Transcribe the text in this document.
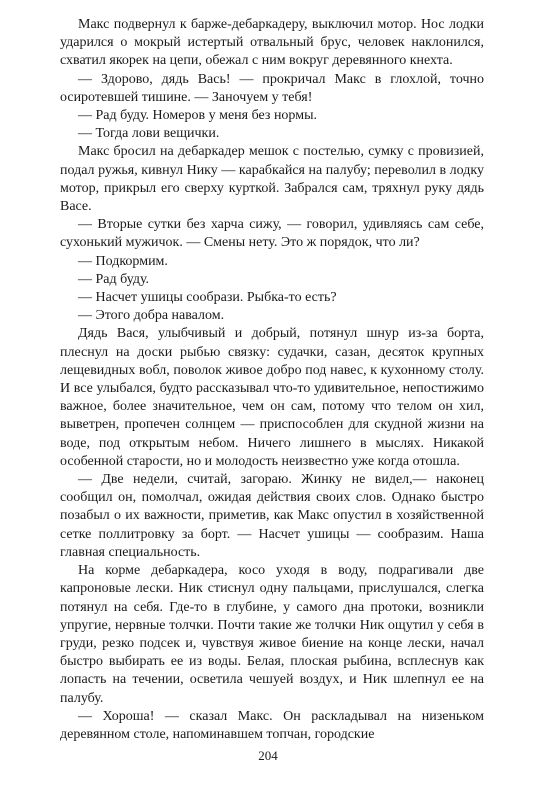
Макс подвернул к барже-дебаркадеру, выключил мотор. Нос лодки ударился о мокрый истертый отвальный брус, человек наклонился, схватил якорек на цепи, обежал с ним вокруг деревянного кнехта.

— Здорово, дядь Вась! — прокричал Макс в глохлой, точно осиротевшей тишине. — Заночуем у тебя!

— Рад буду. Номеров у меня без нормы.

— Тогда лови вещички.

Макс бросил на дебаркадер мешок с постелью, сумку с провизией, подал ружья, кивнул Нику — карабкайся на палубу; переволил в лодку мотор, прикрыл его сверху курткой. Забрался сам, тряхнул руку дядь Васе.

— Вторые сутки без харча сижу, — говорил, удивляясь сам себе, сухонький мужичок. — Смены нету. Это ж порядок, что ли?

— Подкормим.

— Рад буду.

— Насчет ушицы сообрази. Рыбка-то есть?

— Этого добра навалом.

Дядь Вася, улыбчивый и добрый, потянул шнур из-за борта, плеснул на доски рыбью связку: судачки, сазан, десяток крупных лещевидных вобл, поволок живое добро под навес, к кухонному столу. И все улыбался, будто рассказывал что-то удивительное, непостижимо важное, более значительное, чем он сам, потому что телом он хил, выветрен, пропечен солнцем — приспособлен для скудной жизни на воде, под открытым небом. Ничего лишнего в мыслях. Никакой особенной старости, но и молодость неизвестно уже когда отошла.

— Две недели, считай, загораю. Жинку не видел,— наконец сообщил он, помолчал, ожидая действия своих слов. Однако быстро позабыл о их важности, приметив, как Макс опустил в хозяйственной сетке поллитровку за борт. — Насчет ушицы — сообразим. Наша главная специальность.

На корме дебаркадера, косо уходя в воду, подрагивали две капроновые лески. Ник стиснул одну пальцами, прислушался, слегка потянул на себя. Где-то в глубине, у самого дна протоки, возникли упругие, нервные толчки. Почти такие же толчки Ник ощутил у себя в груди, резко подсек и, чувствуя живое биение на конце лески, начал быстро выбирать ее из воды. Белая, плоская рыбина, всплеснув как лопасть на течении, осветила чешуей воздух, и Ник шлепнул ее на палубу.

— Хороша! — сказал Макс. Он раскладывал на низеньком деревянном столе, напоминавшем топчан, городские

204
